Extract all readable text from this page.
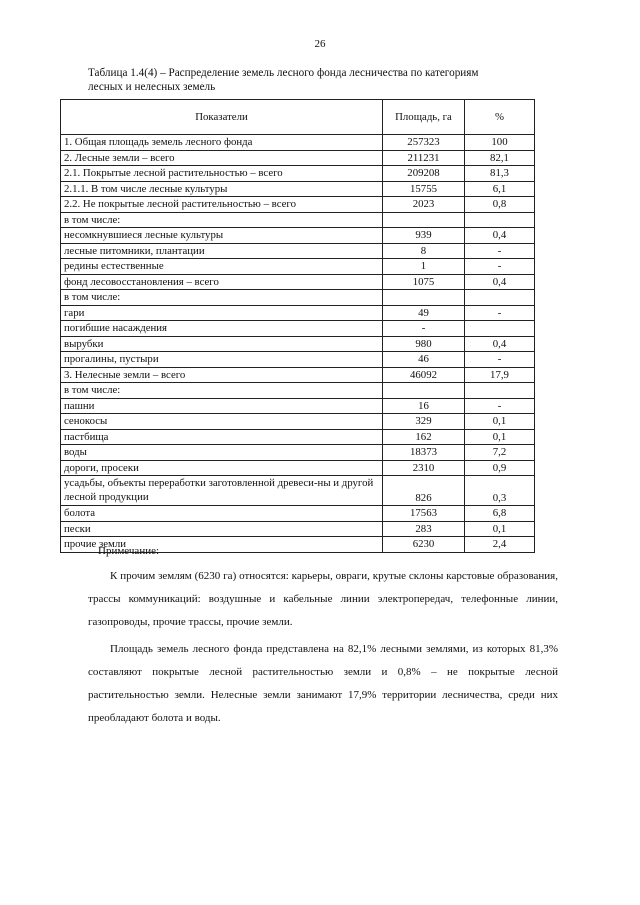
26
Таблица 1.4(4) – Распределение земель лесного фонда лесничества по категориям
лесных и нелесных земель
Показатели	Площадь, га	%
1. Общая площадь земель лесного фонда	257323	100
2. Лесные земли – всего	211231	82,1
2.1. Покрытые лесной растительностью – всего	209208	81,3
2.1.1. В том числе лесные культуры	15755	6,1
2.2. Не покрытые лесной растительностью – всего	2023	0,8
в том числе:		
несомкнувшиеся лесные культуры	939	0,4
лесные питомники, плантации	8	-
редины естественные	1	-
фонд лесовосстановления – всего	1075	0,4
в том числе:		
гари	49	-
погибшие насаждения	-	
вырубки	980	0,4
прогалины, пустыри	46	-
3. Нелесные земли – всего	46092	17,9
в том числе:		
пашни	16	-
сенокосы	329	0,1
пастбища	162	0,1
воды	18373	7,2
дороги, просеки	2310	0,9
усадьбы, объекты переработки заготовленной древеси-ны и другой лесной продукции	826	0,3
болота	17563	6,8
пески	283	0,1
прочие земли	6230	2,4
Примечание:

К прочим землям (6230 га) относятся: карьеры, овраги, крутые склоны карстовые образования, трассы коммуникаций: воздушные и кабельные линии электропередач, телефонные линии, газопроводы, прочие трассы, прочие земли.

Площадь земель лесного фонда представлена на 82,1% лесными землями, из которых 81,3% составляют покрытые лесной растительностью земли и 0,8% – не покрытые лесной растительностью земли. Нелесные земли занимают 17,9% территории лесничества, среди них преобладают болота и воды.
